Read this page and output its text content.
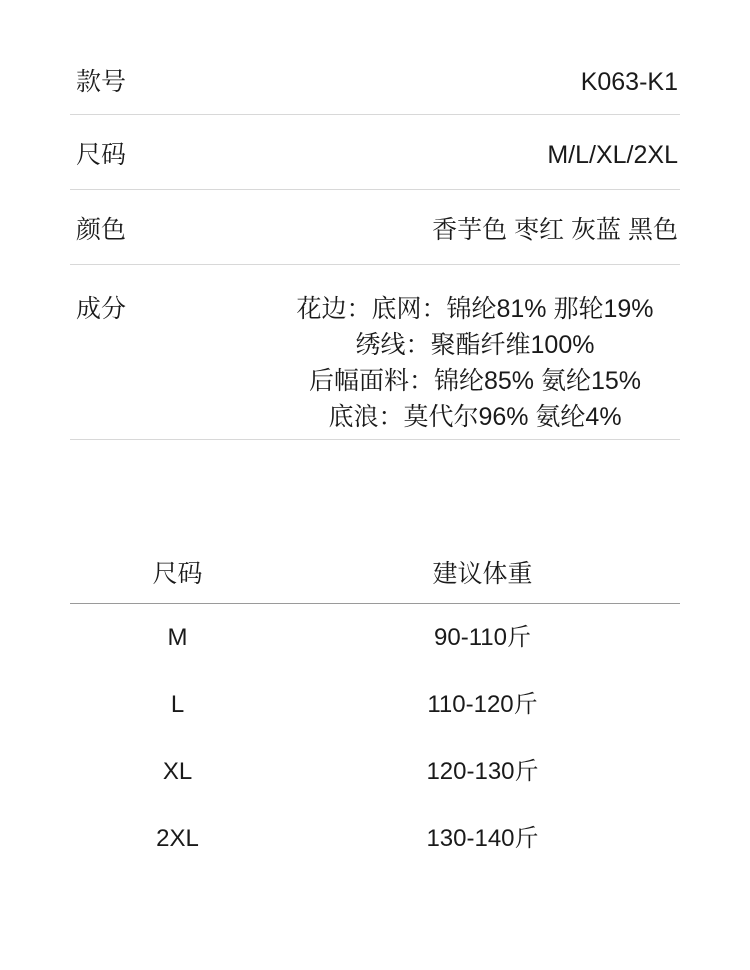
款号	K063-K1
尺码	M/L/XL/2XL
颜色	香芋色 枣红 灰蓝 黑色
成分	花边：底网：锦纶81% 那轮19%
绣线：聚酯纤维100%
后幅面料：锦纶85% 氨纶15%
底浪：莫代尔96% 氨纶4%
尺码	建议体重
M	90-110斤
L	110-120斤
XL	120-130斤
2XL	130-140斤
